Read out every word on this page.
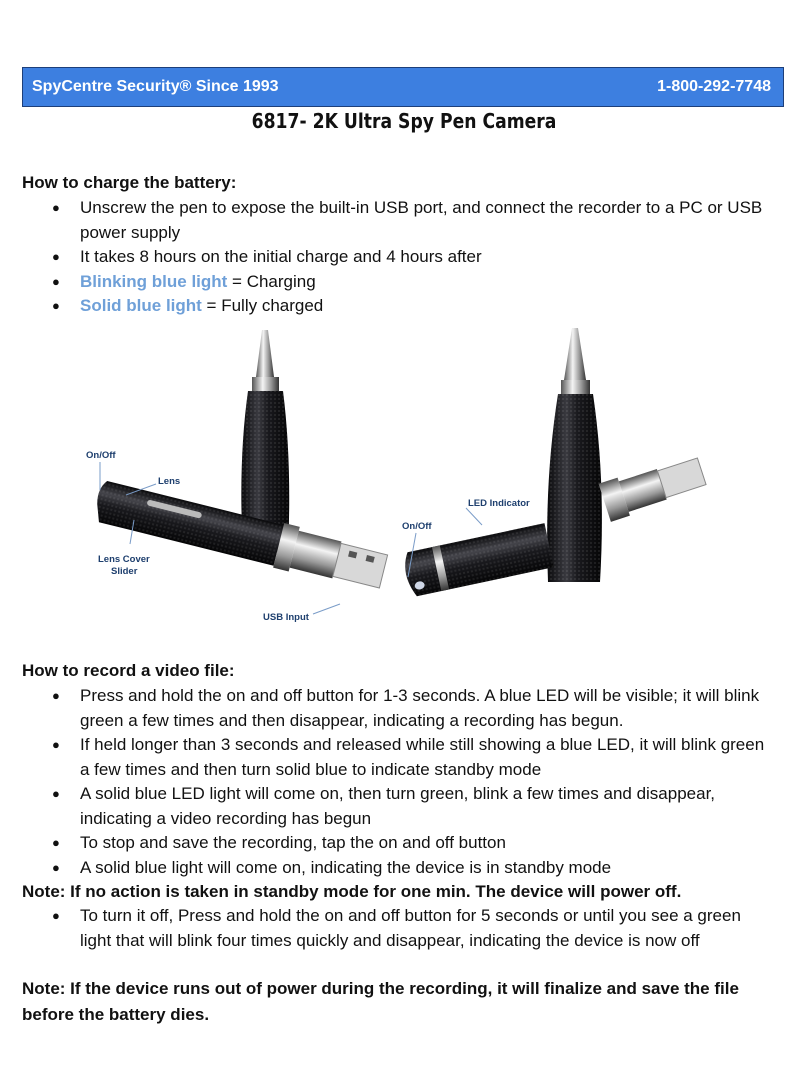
SpyCentre Security® Since 1993	1-800-292-7748
6817- 2K Ultra Spy Pen Camera
How to charge the battery:
● Unscrew the pen to expose the built-in USB port, and connect the recorder to a PC or USB power supply
● It takes 8 hours on the initial charge and 4 hours after
● Blinking blue light = Charging
● Solid blue light = Fully charged
On/Off
Lens
Lens Cover
Slider
USB Input
LED Indicator
On/Off
How to record a video file:
● Press and hold the on and off button for 1-3 seconds. A blue LED will be visible; it will blink green a few times and then disappear, indicating a recording has begun.
● If held longer than 3 seconds and released while still showing a blue LED, it will blink green a few times and then turn solid blue to indicate standby mode
● A solid blue LED light will come on, then turn green, blink a few times and disappear, indicating a video recording has begun
● To stop and save the recording, tap the on and off button
● A solid blue light will come on, indicating the device is in standby mode
Note: If no action is taken in standby mode for one min. The device will power off.
● To turn it off, Press and hold the on and off button for 5 seconds or until you see a green light that will blink four times quickly and disappear, indicating the device is now off
Note: If the device runs out of power during the recording, it will finalize and save the file before the battery dies.
